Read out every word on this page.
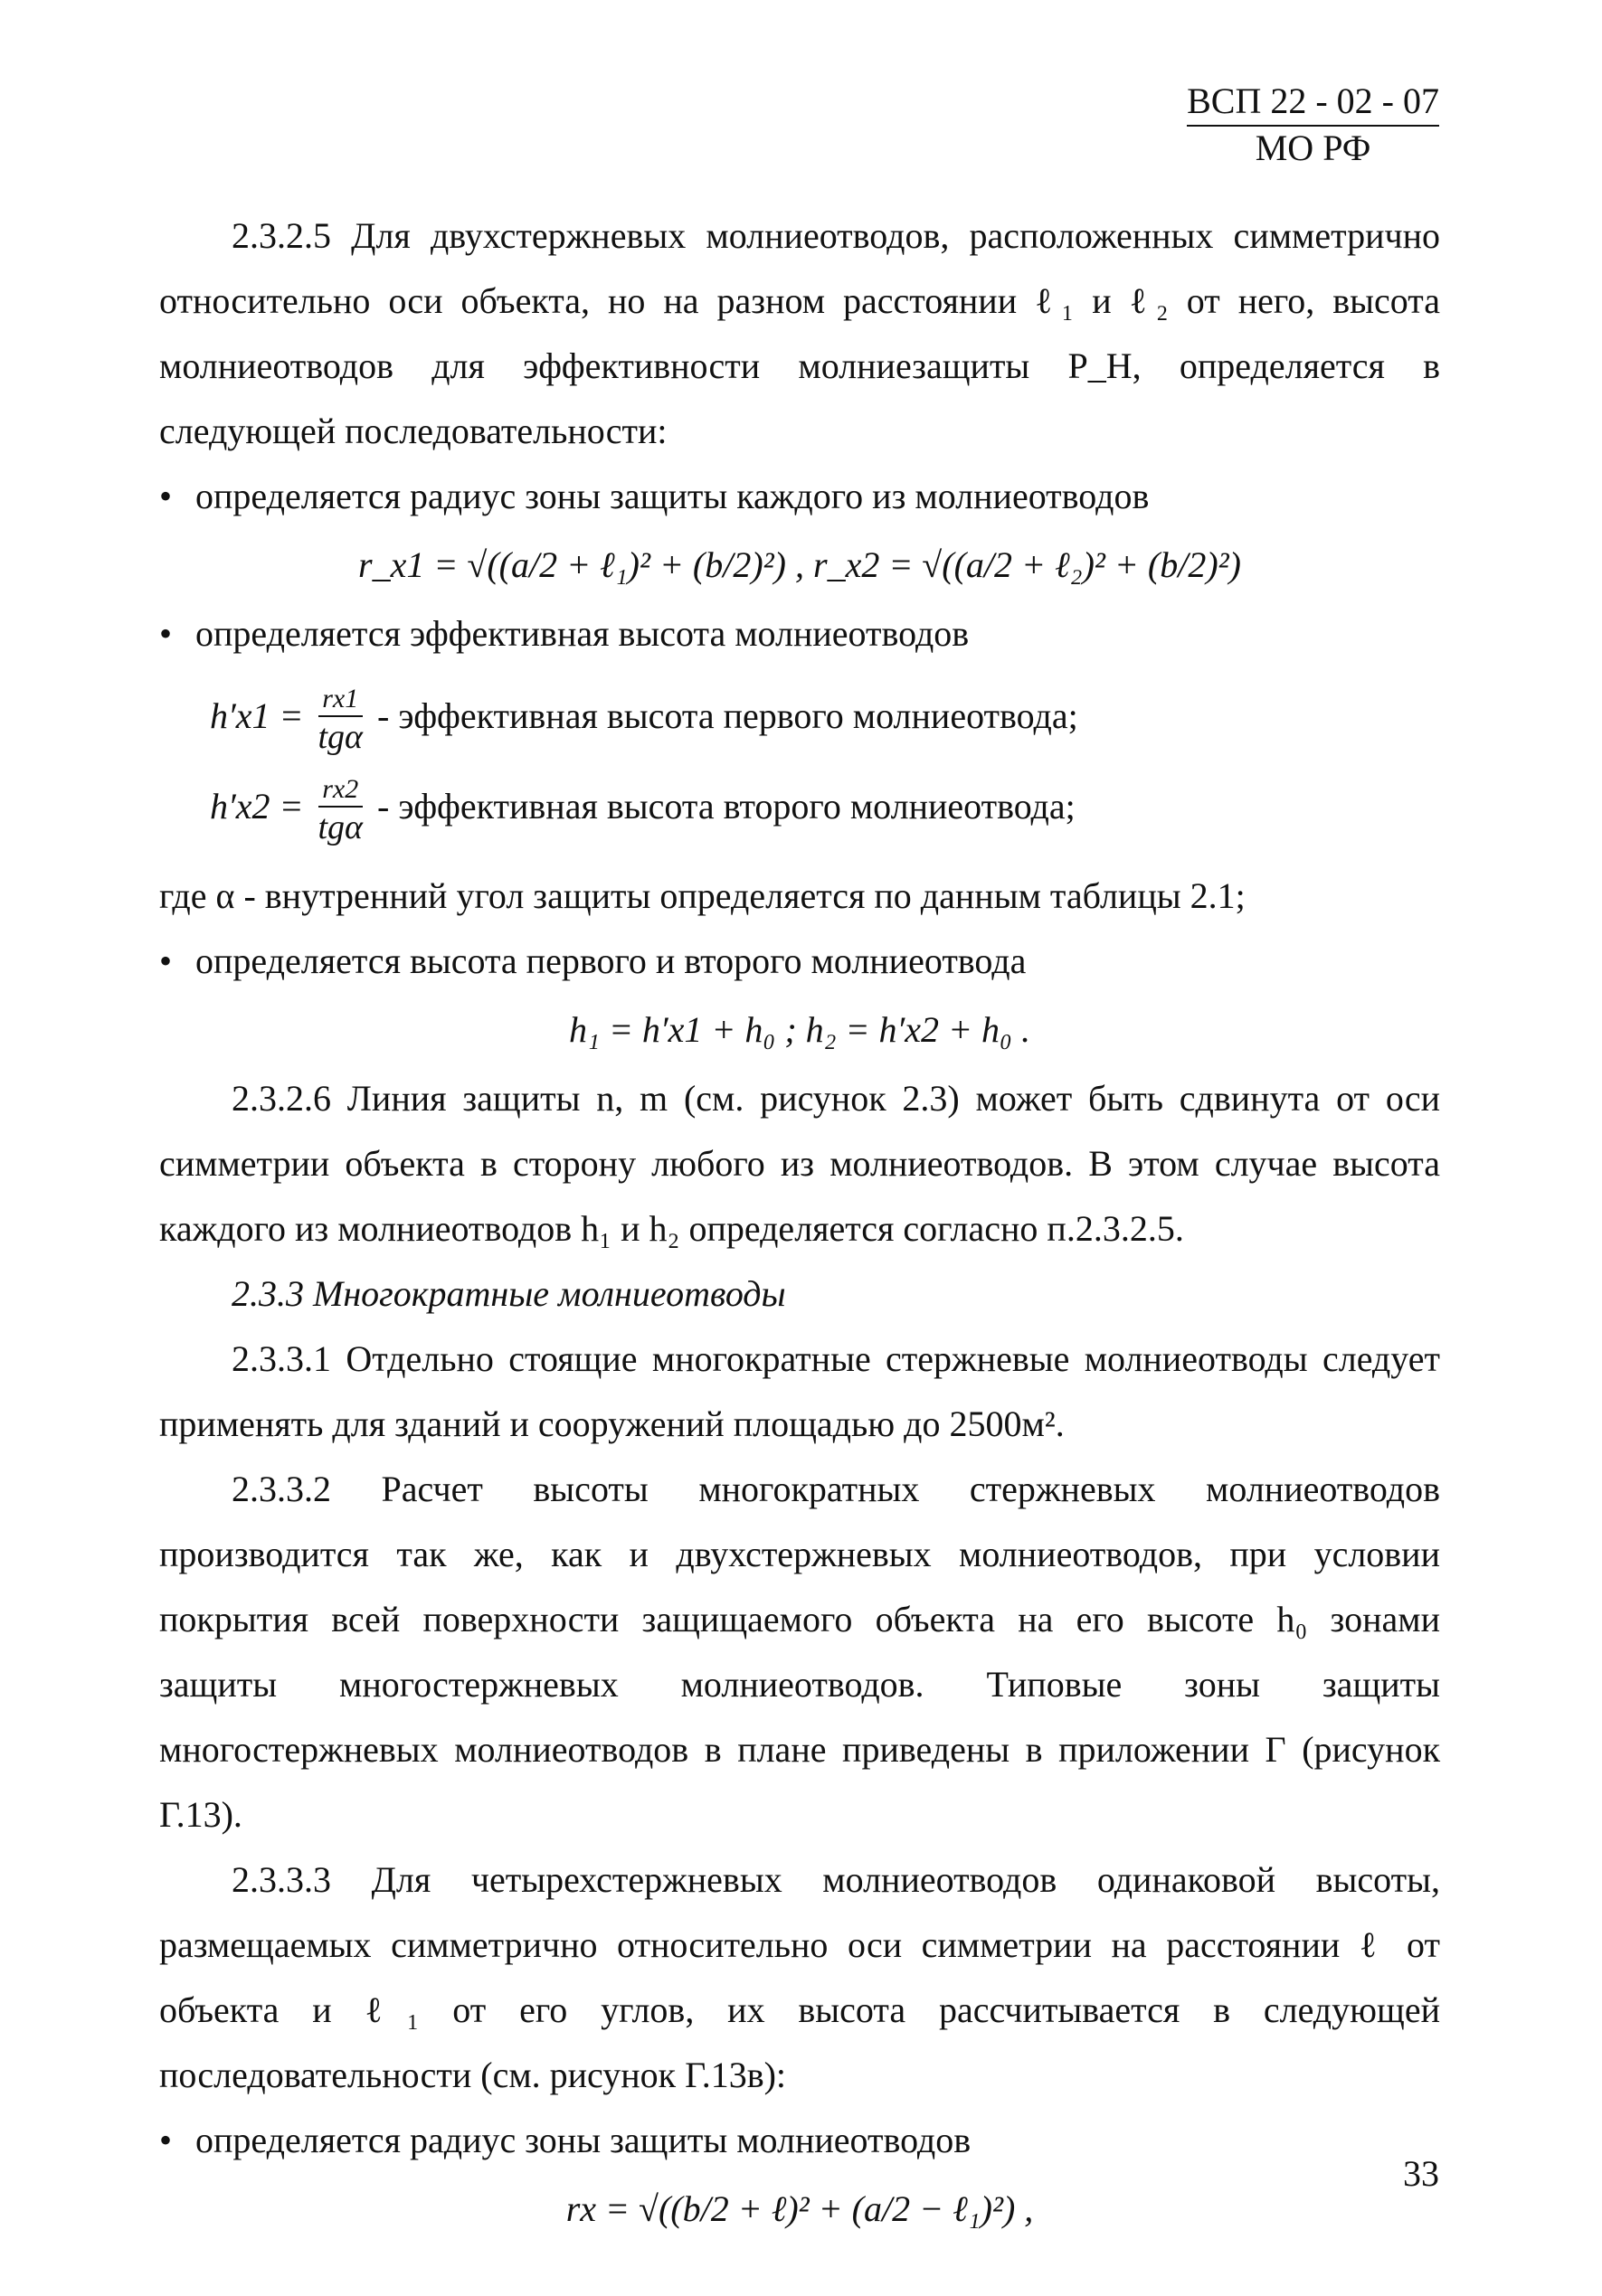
ВСП 22 - 02 - 07
МО РФ

2.3.2.5 Для двухстержневых молниеотводов, расположенных симметрично относительно оси объекта, но на разном расстоянии ℓ₁ и ℓ₂ от него, высота молниеотводов для эффективности молниезащиты P_H, определяется в следующей последовательности:

• определяется радиус зоны защиты каждого из молниеотводов

r_x1 = √((a/2 + ℓ₁)² + (b/2)²) , r_x2 = √((a/2 + ℓ₂)² + (b/2)²)

• определяется эффективная высота молниеотводов

$h'x1 = \frac{rx1}{\text{tgα}}$ - эффективная высота первого молниеотвода;
$h'x2 = \frac{rx2}{\text{tgα}}$ - эффективная высота второго молниеотвода;

где α - внутренний угол защиты определяется по данным таблицы 2.1;

• определяется высота первого и второго молниеотвода

h₁ = h′x1 + h₀ ; h₂ = h′x2 + h₀ .

2.3.2.6 Линия защиты n, m (см. рисунок 2.3) может быть сдвинута от оси симметрии объекта в сторону любого из молниеотводов. В этом случае высота каждого из молниеотводов h₁ и h₂ определяется согласно п.2.3.2.5.

2.3.3 Многократные молниеотводы

2.3.3.1 Отдельно стоящие многократные стержневые молниеотводы следует применять для зданий и сооружений площадью до 2500м².

2.3.3.2 Расчет высоты многократных стержневых молниеотводов производится так же, как и двухстержневых молниеотводов, при условии покрытия всей поверхности защищаемого объекта на его высоте h₀ зонами защиты многостержневых молниеотводов. Типовые зоны защиты многостержневых молниеотводов в плане приведены в приложении Г (рисунок Г.13).

2.3.3.3 Для четырехстержневых молниеотводов одинаковой высоты, размещаемых симметрично относительно оси симметрии на расстоянии ℓ от объекта и ℓ₁ от его углов, их высота рассчитывается в следующей последовательности (см. рисунок Г.13в):

• определяется радиус зоны защиты молниеотводов

rx = √((b/2 + ℓ)² + (a/2 − ℓ₁)²) ,

33
